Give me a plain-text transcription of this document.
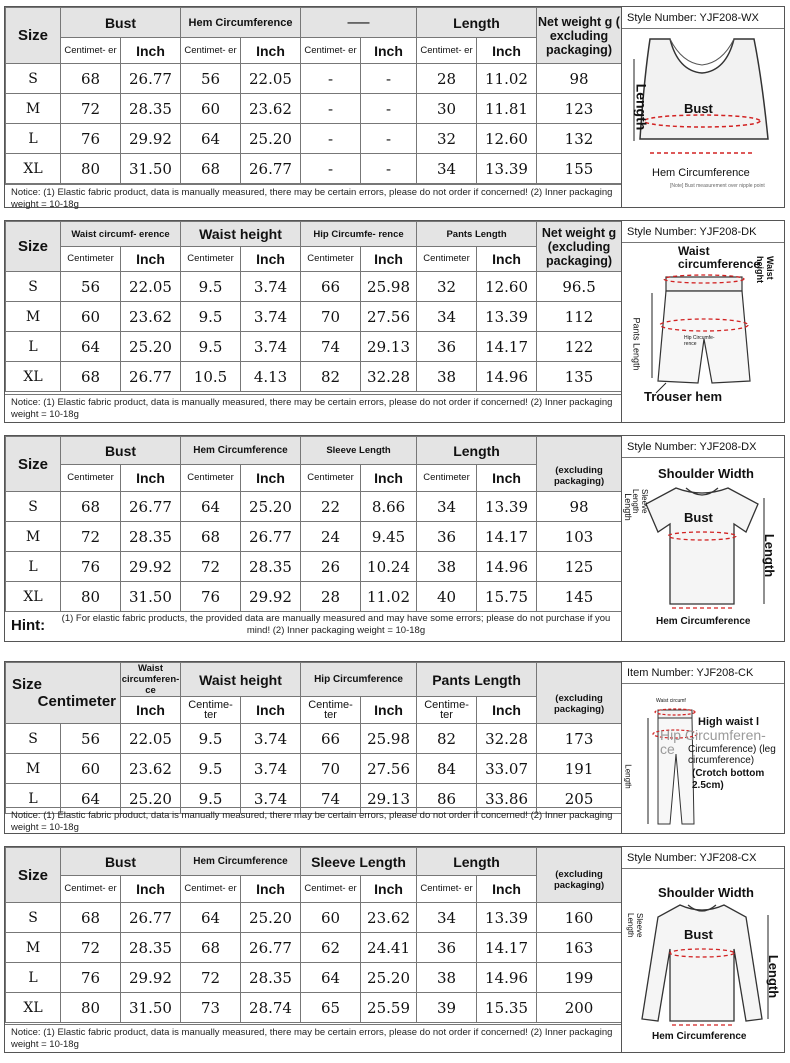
Size	Bust		Hem Circumference		——		Length		Net weight g ( excluding packaging)
	Centimet- er	Inch	Centimet- er	Inch	Centimet- er	Inch	Centimet- er	Inch	
S	68	26.77	56	22.05	-	-	28	11.02	98
M	72	28.35	60	23.62	-	-	30	11.81	123
L	76	29.92	64	25.20	-	-	32	12.60	132
XL	80	31.50	68	26.77	-	-	34	13.39	155
Notice: (1) Elastic fabric product, data is manually measured, there may be certain errors, please do not order if concerned! (2) Inner packaging weight = 10-18g
Style Number: YJF208-WX
Length	Bust
Hem Circumference
[Note] Bust measurement over nipple point
Size	Waist circumf- erence		Waist height		Hip Circumfe- rence		Pants Length		Net weight g (excluding packaging)
	Centimeter	Inch	Centimeter	Inch	Centimeter	Inch	Centimeter	Inch	
S	56	22.05	9.5	3.74	66	25.98	32	12.60	96.5
M	60	23.62	9.5	3.74	70	27.56	34	13.39	112
L	64	25.20	9.5	3.74	74	29.13	36	14.17	122
XL	68	26.77	10.5	4.13	82	32.28	38	14.96	135
Notice: (1) Elastic fabric product, data is manually measured, there may be certain errors, please do not order if concerned! (2) Inner packaging weight = 10-18g
Style Number: YJF208-DK
Waist circumference Waist height
Pants Length	Hip Circumfe- rence
Trouser hem
Size	Bust		Hem Circumference		Sleeve Length		Length		(excluding packaging)
	Centimeter	Inch	Centimeter	Inch	Centimeter	Inch	Centimeter	Inch	
S	68	26.77	64	25.20	22	8.66	34	13.39	98
M	72	28.35	68	26.77	24	9.45	36	14.17	103
L	76	29.92	72	28.35	26	10.24	38	14.96	125
XL	80	31.50	76	29.92	28	11.02	40	15.75	145
Hint:	(1) For elastic fabric products, the provided data are manually measured and may have some errors; please do not purchase if you mind! (2) Inner packaging weight = 10-18g
Style Number: YJF208-DX
Shoulder Width
Length Sleeve Length
Bust
Length
Hem Circumference
Size
Centimeter		Waist circumferen- ce	Waist height		Hip Circumference		Pants Length		(excluding packaging)
		Inch	Centime- ter	Inch	Centime- ter	Inch	Centime- ter	Inch	
S	56	22.05	9.5	3.74	66	25.98	82	32.28	173
M	60	23.62	9.5	3.74	70	27.56	84	33.07	191
L	64	25.20	9.5	3.74	74	29.13	86	33.86	205
Notice: (1) Elastic fabric product, data is manually measured, there may be certain errors, please do not order if concerned! (2) Inner packaging weight = 10-18g
Item Number: YJF208-CK
Waist circumf
High waist l
Hip Circumferen- ce	Circumference) (leg circumference)
(Crotch bottom 2.5cm)
Length
Size	Bust		Hem Circumference		Sleeve Length		Length		(excluding packaging)
	Centimet- er	Inch	Centimet- er	Inch	Centimet- er	Inch	Centimet- er	Inch	
S	68	26.77	64	25.20	60	23.62	34	13.39	160
M	72	28.35	68	26.77	62	24.41	36	14.17	163
L	76	29.92	72	28.35	64	25.20	38	14.96	199
XL	80	31.50	73	28.74	65	25.59	39	15.35	200
Notice: (1) Elastic fabric product, data is manually measured, there may be certain errors, please do not order if concerned! (2) Inner packaging weight = 10-18g
Style Number: YJF208-CX
Shoulder Width
Sleeve Length	Bust
Length
Hem Circumference
